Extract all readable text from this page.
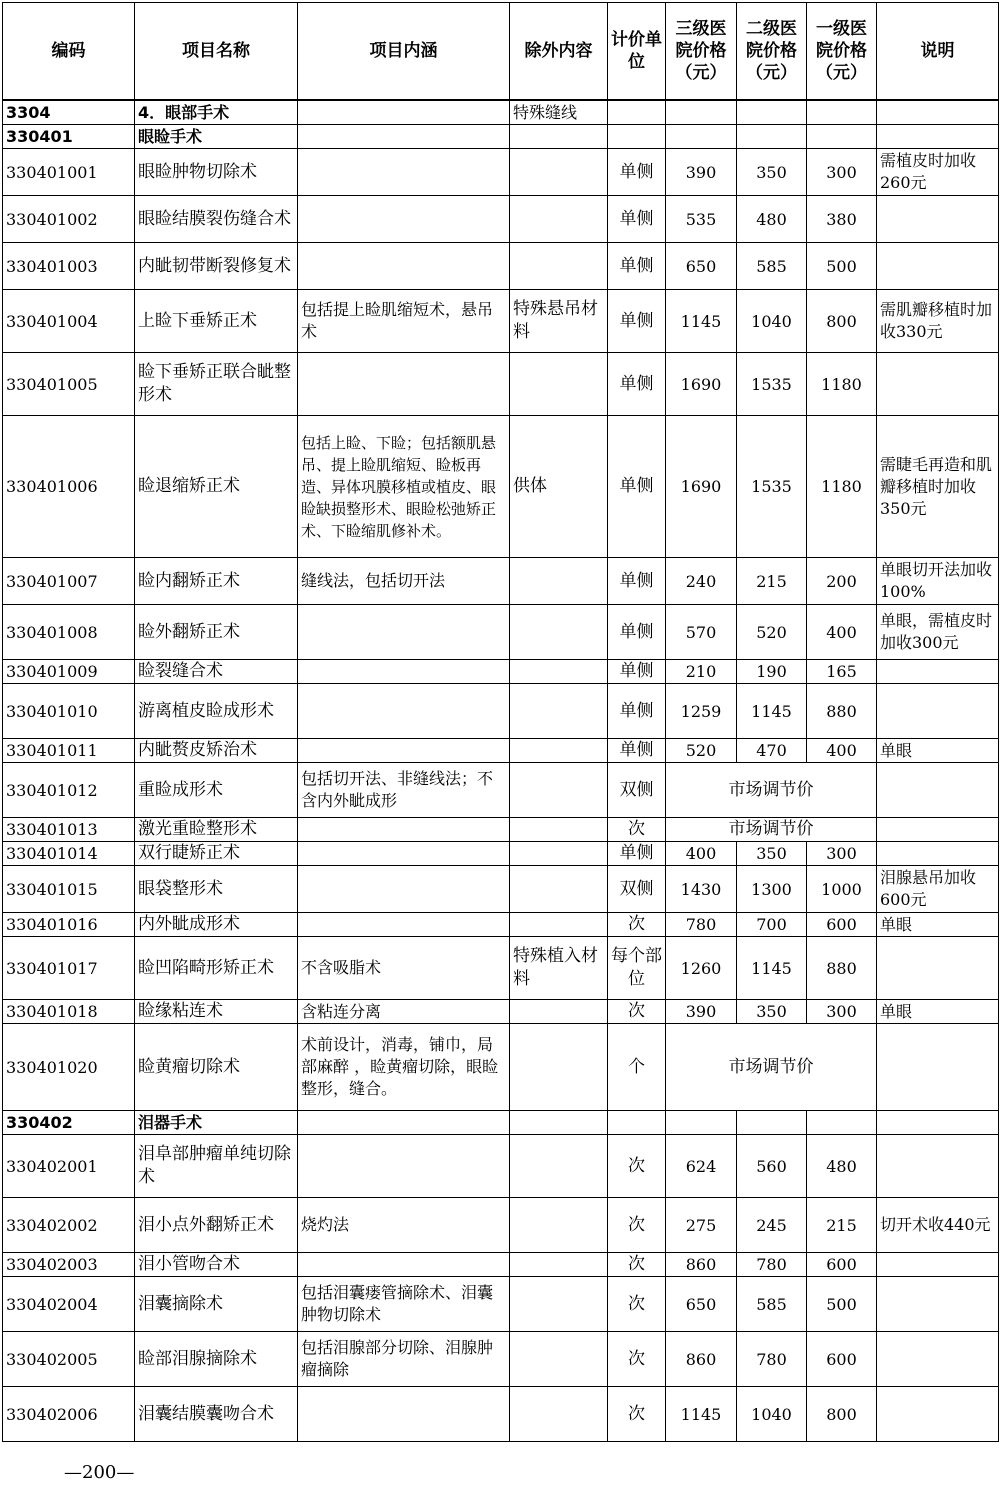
编码	项目名称	项目内涵	除外内容	计价单位	三级医院价格（元）	二级医院价格（元）	一级医院价格（元）	说明
3304	4．眼部手术		特殊缝线					
330401	眼睑手术							
330401001	眼睑肿物切除术			单侧	390	350	300	需植皮时加收260元
330401002	眼睑结膜裂伤缝合术			单侧	535	480	380	
330401003	内眦韧带断裂修复术			单侧	650	585	500	
330401004	上睑下垂矫正术	包括提上睑肌缩短术，悬吊术	特殊悬吊材料	单侧	1145	1040	800	需肌瓣移植时加收330元
330401005	睑下垂矫正联合眦整形术			单侧	1690	1535	1180	
330401006	睑退缩矫正术	包括上睑、下睑；包括额肌悬吊、提上睑肌缩短、睑板再造、异体巩膜移植或植皮、眼睑缺损整形术、眼睑松弛矫正术、下睑缩肌修补术。	供体	单侧	1690	1535	1180	需睫毛再造和肌瓣移植时加收350元
330401007	睑内翻矫正术	缝线法，包括切开法		单侧	240	215	200	单眼切开法加收100%
330401008	睑外翻矫正术			单侧	570	520	400	单眼，需植皮时加收300元
330401009	睑裂缝合术			单侧	210	190	165	
330401010	游离植皮睑成形术			单侧	1259	1145	880	
330401011	内眦赘皮矫治术			单侧	520	470	400	单眼
330401012	重睑成形术	包括切开法、非缝线法；不含内外眦成形		双侧	市场调节价			
330401013	激光重睑整形术			次	市场调节价			
330401014	双行睫矫正术			单侧	400	350	300	
330401015	眼袋整形术			双侧	1430	1300	1000	泪腺悬吊加收600元
330401016	内外眦成形术			次	780	700	600	单眼
330401017	睑凹陷畸形矫正术	不含吸脂术	特殊植入材料	每个部位	1260	1145	880	
330401018	睑缘粘连术	含粘连分离		次	390	350	300	单眼
330401020	睑黄瘤切除术	术前设计，消毒，铺巾，局部麻醉 ，睑黄瘤切除，眼睑整形，缝合。		个	市场调节价			
330402	泪器手术							
330402001	泪阜部肿瘤单纯切除术			次	624	560	480	
330402002	泪小点外翻矫正术	烧灼法		次	275	245	215	切开术收440元
330402003	泪小管吻合术			次	860	780	600	
330402004	泪囊摘除术	包括泪囊瘘管摘除术、泪囊肿物切除术		次	650	585	500	
330402005	睑部泪腺摘除术	包括泪腺部分切除、泪腺肿瘤摘除		次	860	780	600	
330402006	泪囊结膜囊吻合术			次	1145	1040	800	
—200—
